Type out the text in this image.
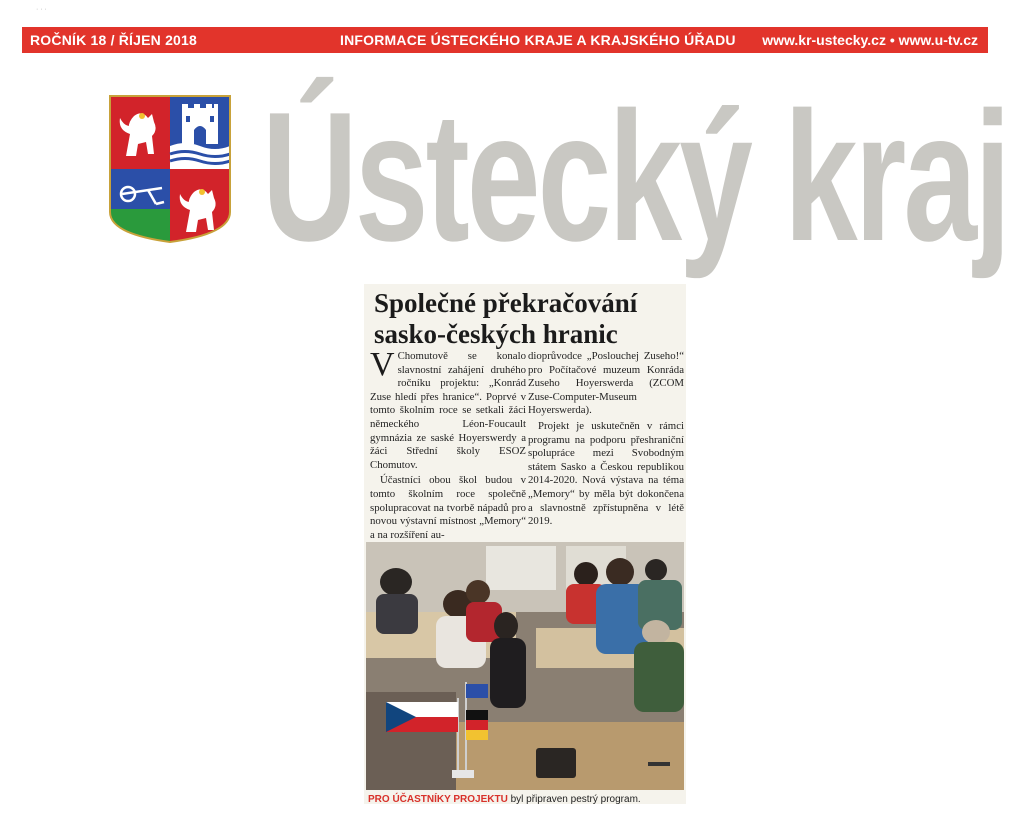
· · ·
ROČNÍK 18 / ŘÍJEN 2018	INFORMACE ÚSTECKÉHO KRAJE A KRAJSKÉHO ÚŘADU www.kr-ustecky.cz • www.u-tv.cz
Ústecký kraj
Společné překračování
sasko-českých hranic

V Chomutově se konalo slavnostní zahájení druhého ročníku projektu: „Konrád Zuse hledí přes hranice“. Poprvé v tomto školním roce se setkali žáci německého Léon-Foucault gymnázia ze saské Hoyerswerdy a žáci Střední školy ESOZ Chomutov.

Účastníci obou škol budou v tomto školním roce společně spolupracovat na tvorbě nápadů pro novou výstavní místnost „Memory“ a na rozšíření au-

dioprůvodce „Poslouchej Zuseho!“ pro Počítačové muzeum Konráda Zuseho Hoyerswerda (ZCOM Zuse-Computer-Museum Hoyerswerda).

Projekt je uskutečněn v rámci programu na podporu přeshraniční spolupráce mezi Svobodným státem Sasko a Českou republikou 2014-2020. Nová výstava na téma „Memory“ by měla být dokončena a slavnostně zpřístupněna v létě 2019.

PRO ÚČASTNÍKY PROJEKTU byl připraven pestrý program.
